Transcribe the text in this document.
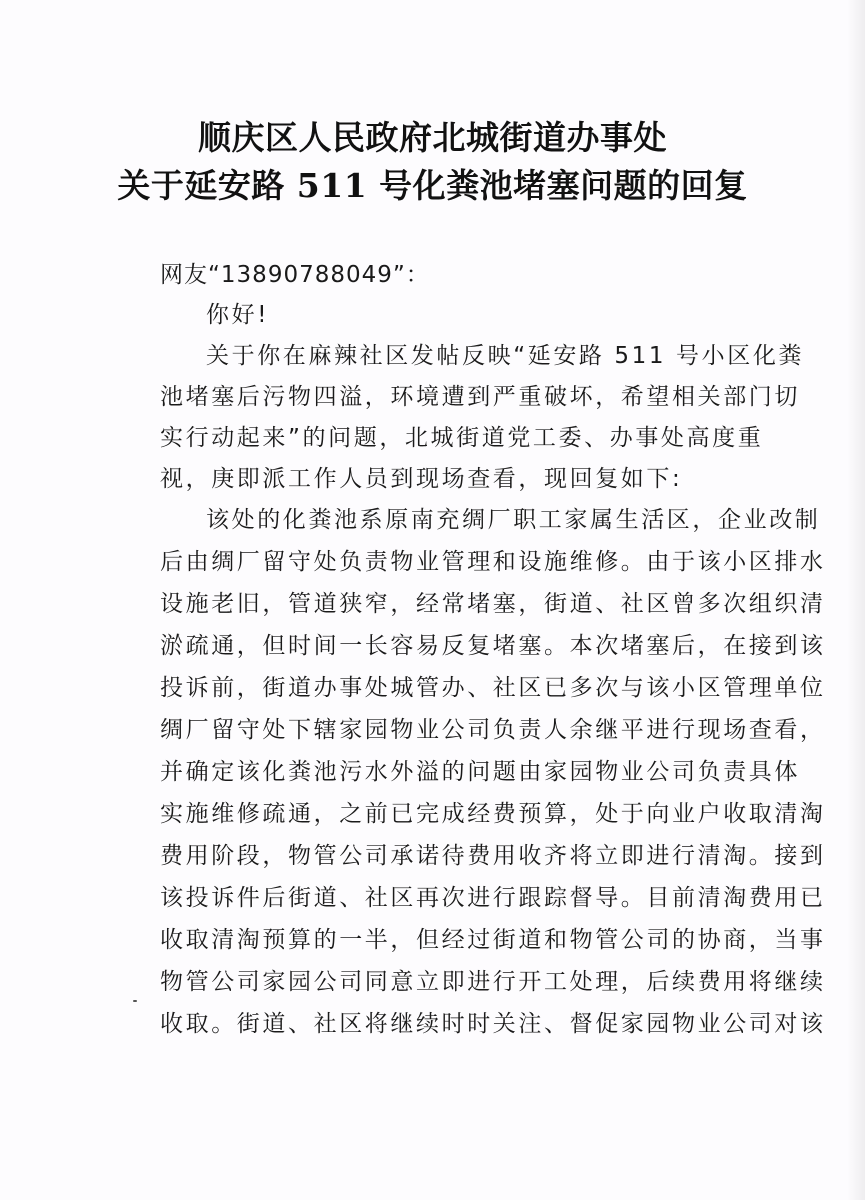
顺庆区人民政府北城街道办事处
关于延安路 511 号化粪池堵塞问题的回复
网友“13890788049”：
你好!
关于你在麻辣社区发帖反映“延安路 511 号小区化粪
池堵塞后污物四溢，环境遭到严重破坏，希望相关部门切
实行动起来”的问题，北城街道党工委、办事处高度重
视，庚即派工作人员到现场查看，现回复如下:
该处的化粪池系原南充绸厂职工家属生活区，企业改制
后由绸厂留守处负责物业管理和设施维修。由于该小区排水
设施老旧，管道狭窄，经常堵塞，街道、社区曾多次组织清
淤疏通，但时间一长容易反复堵塞。本次堵塞后，在接到该
投诉前，街道办事处城管办、社区已多次与该小区管理单位
绸厂留守处下辖家园物业公司负责人余继平进行现场查看，
并确定该化粪池污水外溢的问题由家园物业公司负责具体
实施维修疏通，之前已完成经费预算，处于向业户收取清淘
费用阶段，物管公司承诺待费用收齐将立即进行清淘。接到
该投诉件后街道、社区再次进行跟踪督导。目前清淘费用已
收取清淘预算的一半，但经过街道和物管公司的协商，当事
物管公司家园公司同意立即进行开工处理，后续费用将继续
收取。街道、社区将继续时时关注、督促家园物业公司对该
